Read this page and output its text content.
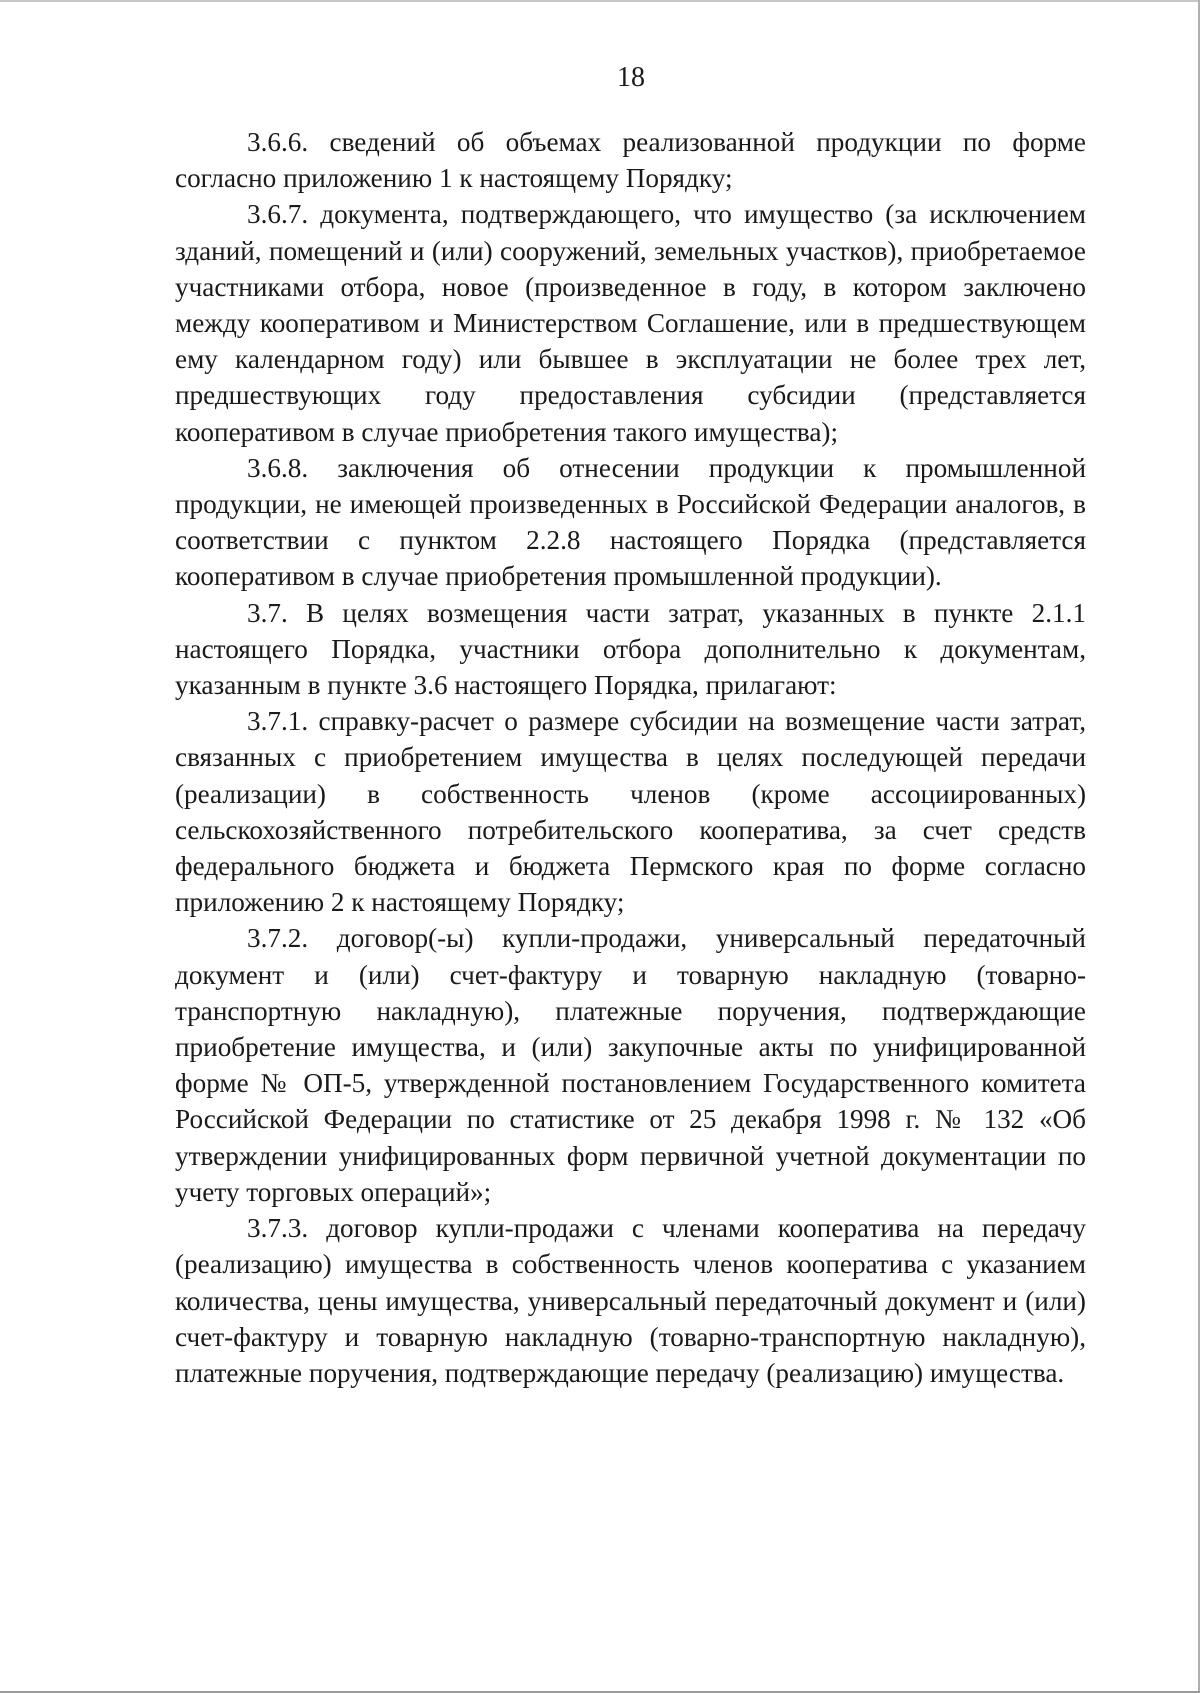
18

3.6.6. сведений об объемах реализованной продукции по форме согласно приложению 1 к настоящему Порядку;

3.6.7. документа, подтверждающего, что имущество (за исключением зданий, помещений и (или) сооружений, земельных участков), приобретаемое участниками отбора, новое (произведенное в году, в котором заключено между кооперативом и Министерством Соглашение, или в предшествующем ему календарном году) или бывшее в эксплуатации не более трех лет, предшествующих году предоставления субсидии (представляется кооперативом в случае приобретения такого имущества);

3.6.8. заключения об отнесении продукции к промышленной продукции, не имеющей произведенных в Российской Федерации аналогов, в соответствии с пунктом 2.2.8 настоящего Порядка (представляется кооперативом в случае приобретения промышленной продукции).

3.7. В целях возмещения части затрат, указанных в пункте 2.1.1 настоящего Порядка, участники отбора дополнительно к документам, указанным в пункте 3.6 настоящего Порядка, прилагают:

3.7.1. справку-расчет о размере субсидии на возмещение части затрат, связанных с приобретением имущества в целях последующей передачи (реализации) в собственность членов (кроме ассоциированных) сельскохозяйственного потребительского кооператива, за счет средств федерального бюджета и бюджета Пермского края по форме согласно приложению 2 к настоящему Порядку;

3.7.2. договор(-ы) купли-продажи, универсальный передаточный документ и (или) счет-фактуру и товарную накладную (товарно-транспортную накладную), платежные поручения, подтверждающие приобретение имущества, и (или) закупочные акты по унифицированной форме № ОП-5, утвержденной постановлением Государственного комитета Российской Федерации по статистике от 25 декабря 1998 г. № 132 «Об утверждении унифицированных форм первичной учетной документации по учету торговых операций»;

3.7.3. договор купли-продажи с членами кооператива на передачу (реализацию) имущества в собственность членов кооператива с указанием количества, цены имущества, универсальный передаточный документ и (или) счет-фактуру и товарную накладную (товарно-транспортную накладную), платежные поручения, подтверждающие передачу (реализацию) имущества.
